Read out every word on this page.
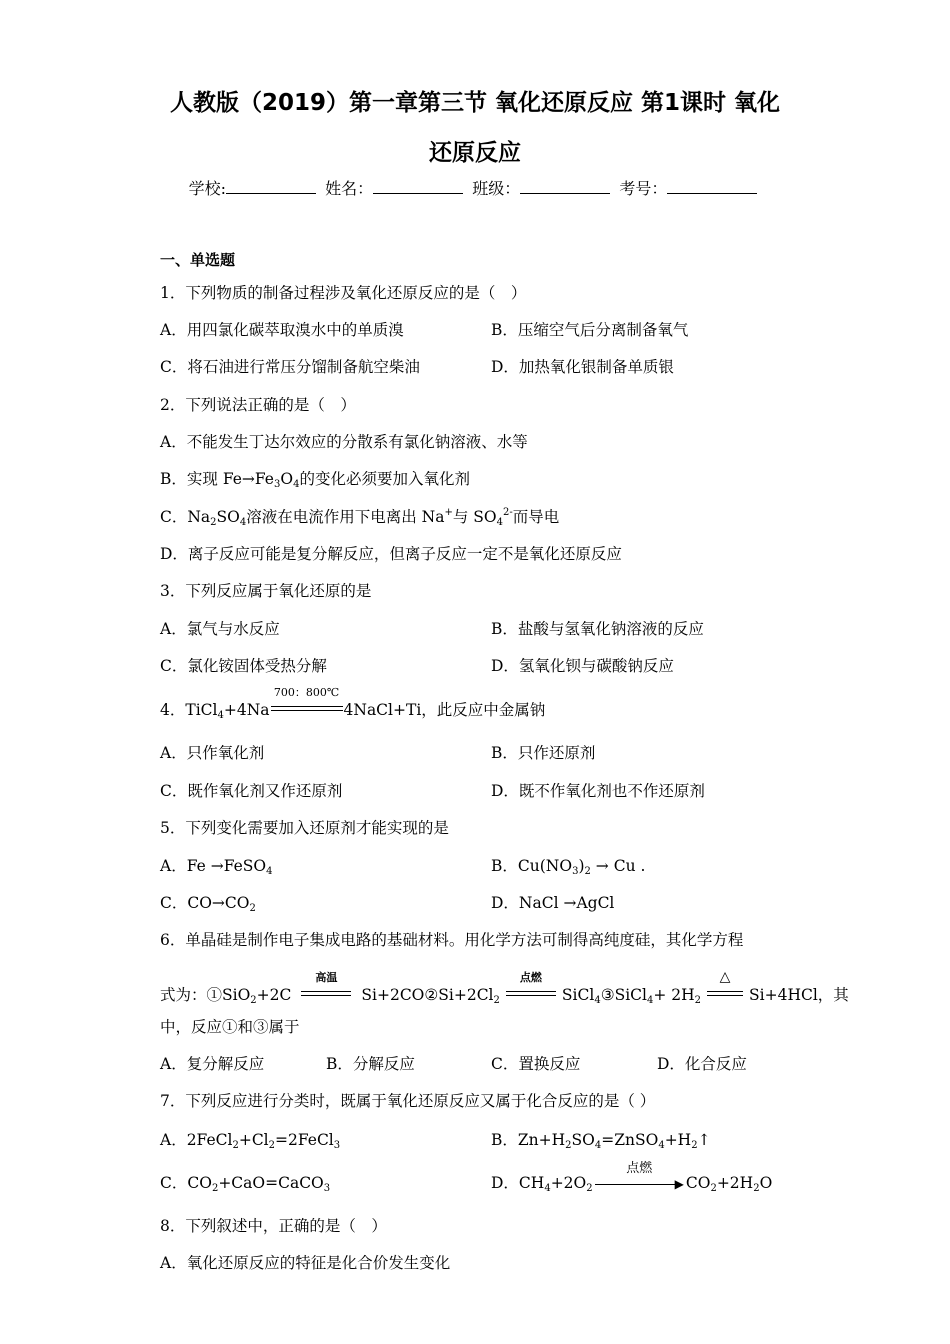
人教版（2019）第一章第三节 氧化还原反应 第1课时 氧化
还原反应
学校:	姓名：	班级：	考号：
一、单选题
1．下列物质的制备过程涉及氧化还原反应的是（　）
A．用四氯化碳萃取溴水中的单质溴	B．压缩空气后分离制备氧气
C．将石油进行常压分馏制备航空柴油	D．加热氧化银制备单质银
2．下列说法正确的是（　）
A．不能发生丁达尔效应的分散系有氯化钠溶液、水等
B．实现 $Fe\to Fe_3O_4$的变化必须要加入氧化剂
C．$Na_2SO_4$溶液在电流作用下电离出 Na+与 $SO_4^{2-}$而导电
D．离子反应可能是复分解反应，但离子反应一定不是氧化还原反应
3．下列反应属于氧化还原的是
A．氯气与水反应	B．盐酸与氢氧化钠溶液的反应
C．氯化铵固体受热分解	D．氢氧化钡与碳酸钠反应
4．TiCl$_4$+4Na
700：800℃
4NaCl+Ti，此反应中金属钠
A．只作氧化剂	B．只作还原剂
C．既作氧化剂又作还原剂	D．既不作氧化剂也不作还原剂
5．下列变化需要加入还原剂才能实现的是
A．Fe →FeSO$_4$	B．$Cu(NO_3)_2 \to Cu$ .
C．$CO\to CO_2$	D．NaCl →AgCl
6．单晶硅是制作电子集成电路的基础材料。用化学方法可制得高纯度硅，其化学方程
式为：①SiO$_2$+2C
高温
$Si+2CO②Si+2Cl_2$
点燃
SiCl$_4$③SiCl$_4$+ $2H_2$
△
Si+4HCl，其
中，反应①和③属于
A．复分解反应	B．分解反应	C．置换反应	D．化合反应
7．下列反应进行分类时，既属于氧化还原反应又属于化合反应的是（ ）
A．$2FeCl_2+Cl_2=2FeCl_3$	B．$Zn+H_2SO_4=ZnSO_4+H_2↑$
C．$CO_2+CaO=CaCO_3$	D．$CH_4+2O_2$
点燃
▶ $CO_2+2H_2O$
8．下列叙述中，正确的是（　）
A．氧化还原反应的特征是化合价发生变化
